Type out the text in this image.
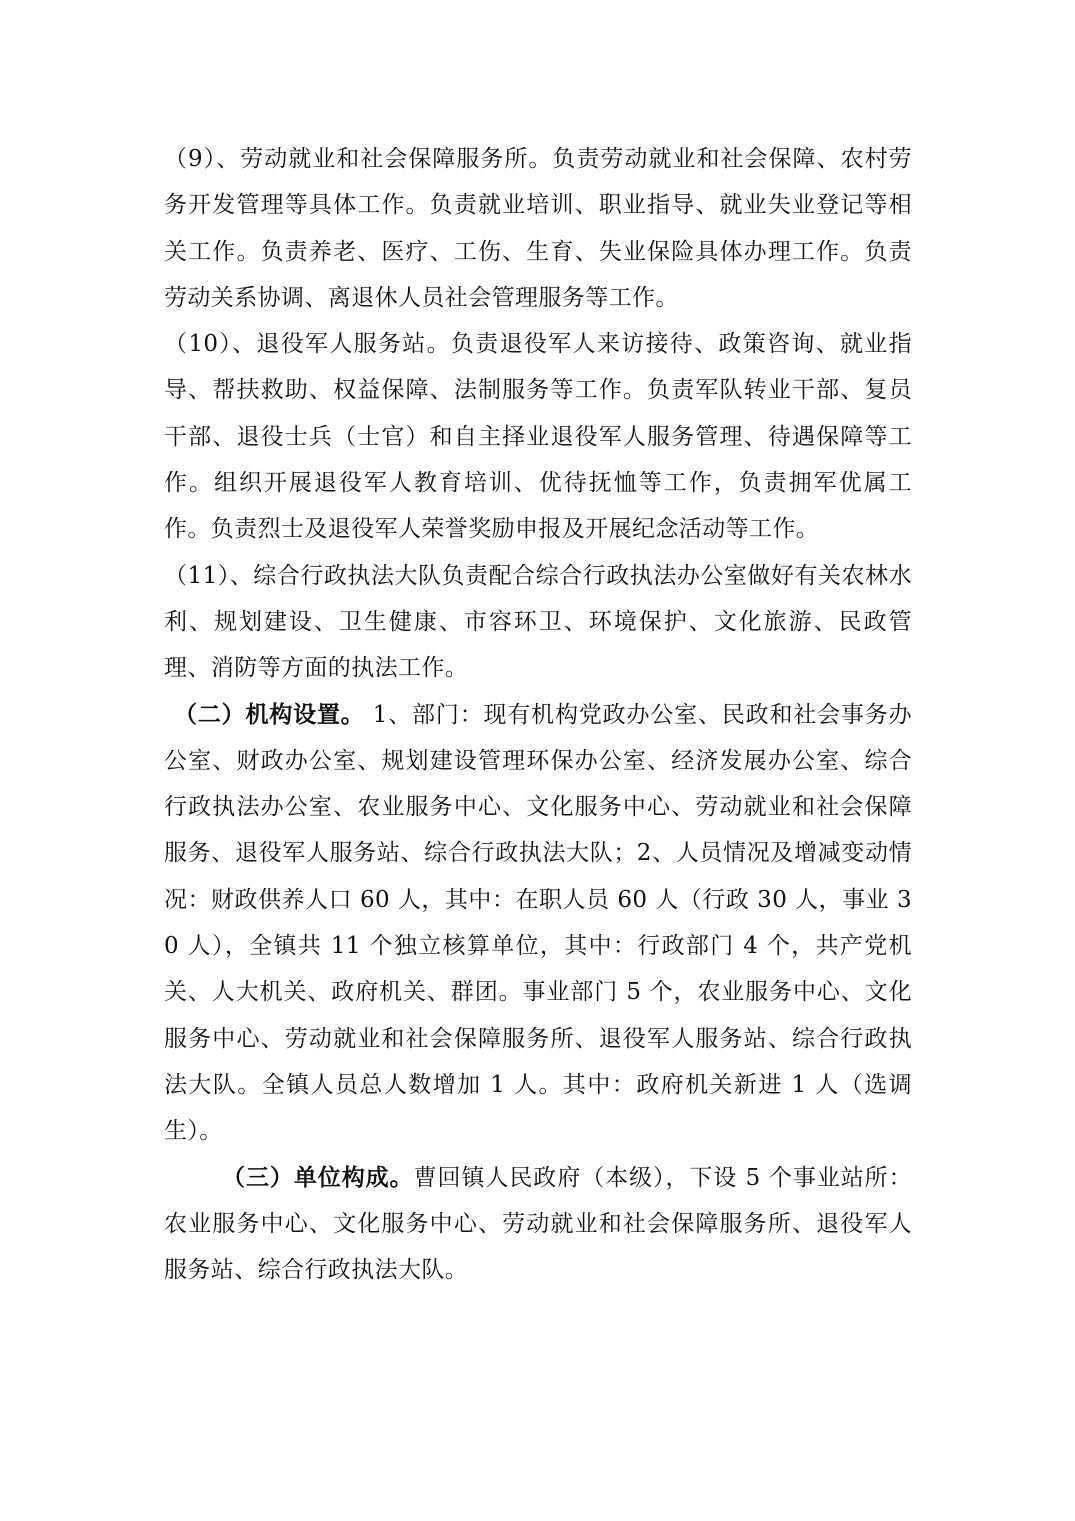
（9）、劳动就业和社会保障服务所。负责劳动就业和社会保障、农村劳务开发管理等具体工作。负责就业培训、职业指导、就业失业登记等相关工作。负责养老、医疗、工伤、生育、失业保险具体办理工作。负责劳动关系协调、离退休人员社会管理服务等工作。

（10）、退役军人服务站。负责退役军人来访接待、政策咨询、就业指导、帮扶救助、权益保障、法制服务等工作。负责军队转业干部、复员干部、退役士兵（士官）和自主择业退役军人服务管理、待遇保障等工作。组织开展退役军人教育培训、优待抚恤等工作，负责拥军优属工作。负责烈士及退役军人荣誉奖励申报及开展纪念活动等工作。

（11）、综合行政执法大队负责配合综合行政执法办公室做好有关农林水利、规划建设、卫生健康、市容环卫、环境保护、文化旅游、民政管理、消防等方面的执法工作。

（二）机构设置。 1、部门：现有机构党政办公室、民政和社会事务办公室、财政办公室、规划建设管理环保办公室、经济发展办公室、综合行政执法办公室、农业服务中心、文化服务中心、劳动就业和社会保障服务、退役军人服务站、综合行政执法大队；2、人员情况及增减变动情况：财政供养人口 60 人，其中：在职人员 60 人（行政 30 人，事业 30 人），全镇共 11 个独立核算单位，其中：行政部门 4 个，共产党机关、人大机关、政府机关、群团。事业部门 5 个，农业服务中心、文化服务中心、劳动就业和社会保障服务所、退役军人服务站、综合行政执法大队。全镇人员总人数增加 1 人。其中：政府机关新进 1 人（选调生）。

（三）单位构成。曹回镇人民政府（本级），下设 5 个事业站所：农业服务中心、文化服务中心、劳动就业和社会保障服务所、退役军人服务站、综合行政执法大队。
